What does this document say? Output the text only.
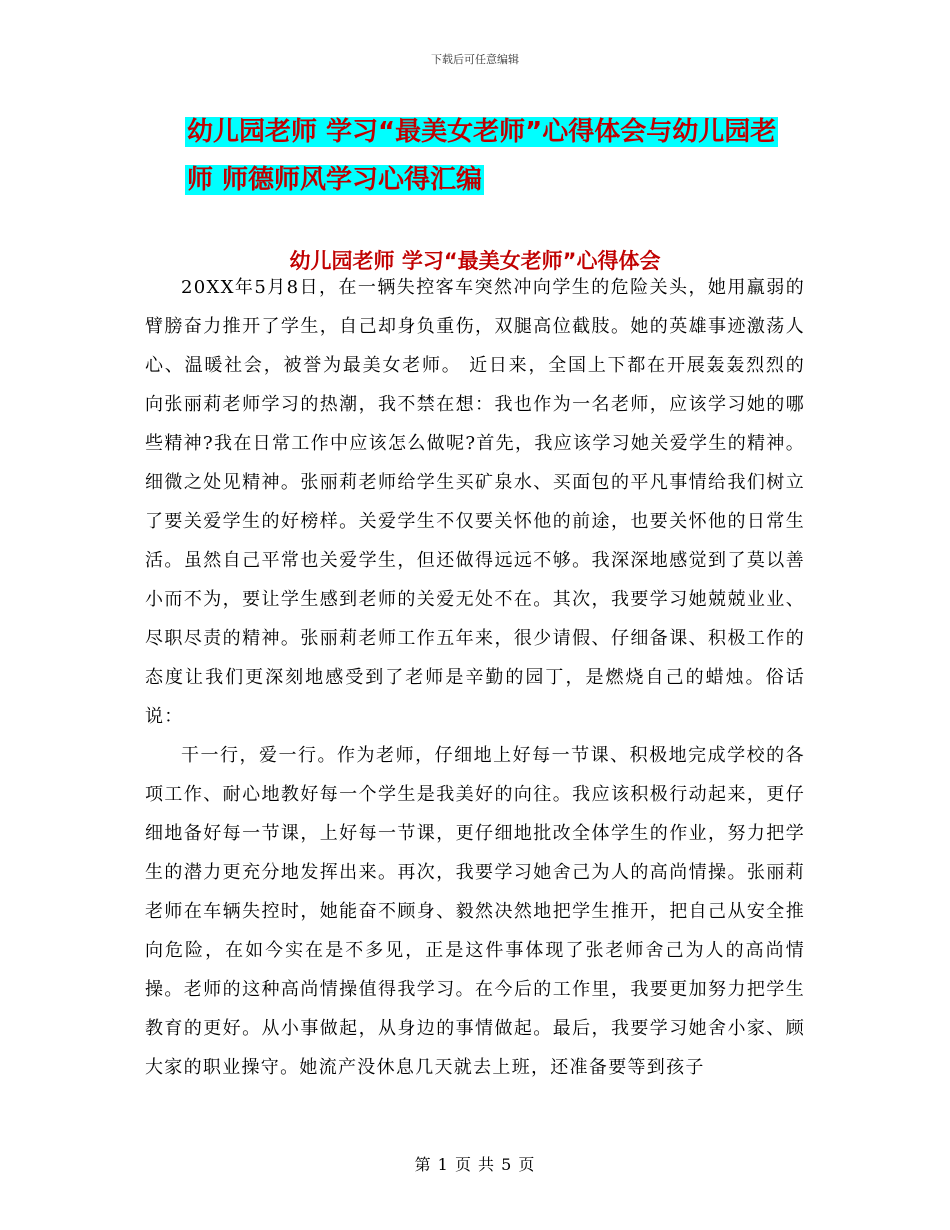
下载后可任意编辑
幼儿园老师 学习“最美女老师”心得体会与幼儿园老
师 师德师风学习心得汇编
幼儿园老师 学习“最美女老师”心得体会

20XX年5月8日，在一辆失控客车突然冲向学生的危险关头，她用羸弱的臂膀奋力推开了学生，自己却身负重伤，双腿高位截肢。她的英雄事迹激荡人心、温暖社会，被誉为最美女老师。 近日来，全国上下都在开展轰轰烈烈的向张丽莉老师学习的热潮，我不禁在想：我也作为一名老师，应该学习她的哪些精神?我在日常工作中应该怎么做呢?首先，我应该学习她关爱学生的精神。细微之处见精神。张丽莉老师给学生买矿泉水、买面包的平凡事情给我们树立了要关爱学生的好榜样。关爱学生不仅要关怀他的前途，也要关怀他的日常生活。虽然自己平常也关爱学生，但还做得远远不够。我深深地感觉到了莫以善小而不为，要让学生感到老师的关爱无处不在。其次，我要学习她兢兢业业、尽职尽责的精神。张丽莉老师工作五年来，很少请假、仔细备课、积极工作的态度让我们更深刻地感受到了老师是辛勤的园丁，是燃烧自己的蜡烛。俗话说：

干一行，爱一行。作为老师，仔细地上好每一节课、积极地完成学校的各项工作、耐心地教好每一个学生是我美好的向往。我应该积极行动起来，更仔细地备好每一节课，上好每一节课，更仔细地批改全体学生的作业，努力把学生的潜力更充分地发挥出来。再次，我要学习她舍己为人的高尚情操。张丽莉老师在车辆失控时，她能奋不顾身、毅然决然地把学生推开，把自己从安全推向危险，在如今实在是不多见，正是这件事体现了张老师舍己为人的高尚情操。老师的这种高尚情操值得我学习。在今后的工作里，我要更加努力把学生教育的更好。从小事做起，从身边的事情做起。最后，我要学习她舍小家、顾大家的职业操守。她流产没休息几天就去上班，还准备要等到孩子

第 1 页 共 5 页
